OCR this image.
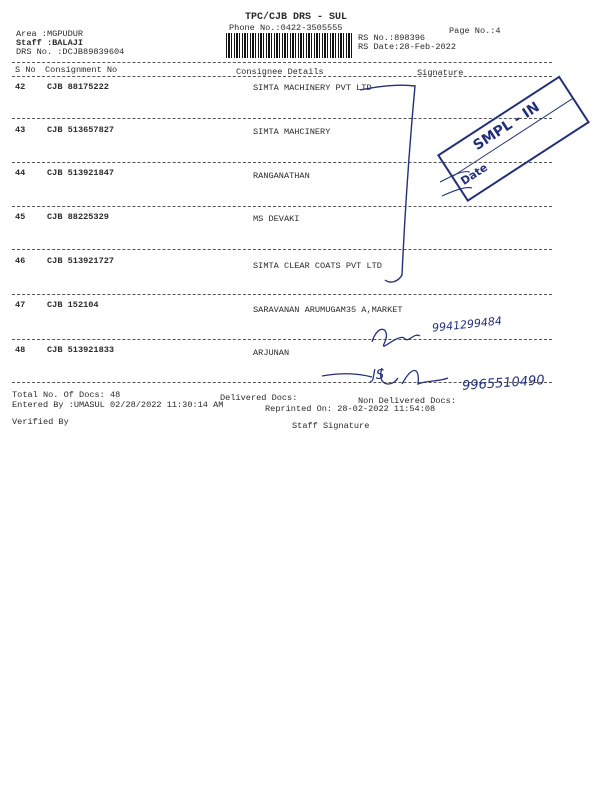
TPC/CJB DRS - SUL
Phone No.:0422-3505555
Area :MGPUDUR
Staff :BALAJI
DRS No. :DCJB89839604
Page No.:4
RS No.:898396
RS Date:28-Feb-2022
S No Consignment No	Consignee Details	Signature
42	CJB 88175222	SIMTA MACHINERY PVT LTD
43	CJB 513657827	SIMTA MAHCINERY
44	CJB 513921847	RANGANATHAN
45	CJB 88225329	MS DEVAKI
46	CJB 513921727	SIMTA CLEAR COATS PVT LTD
47	CJB 152104	SARAVANAN ARUMUGAM35 A,MARKET
48	CJB 513921833	ARJUNAN
Total No. Of Docs: 48	Delivered Docs:	Non Delivered Docs:
Entered By :UMASUL 02/28/2022 11:30:14 AM	Reprinted On: 28-02-2022 11:54:08
Verified By	Staff Signature
9941299484
9965510490
JS
SMPL - IN
Date
